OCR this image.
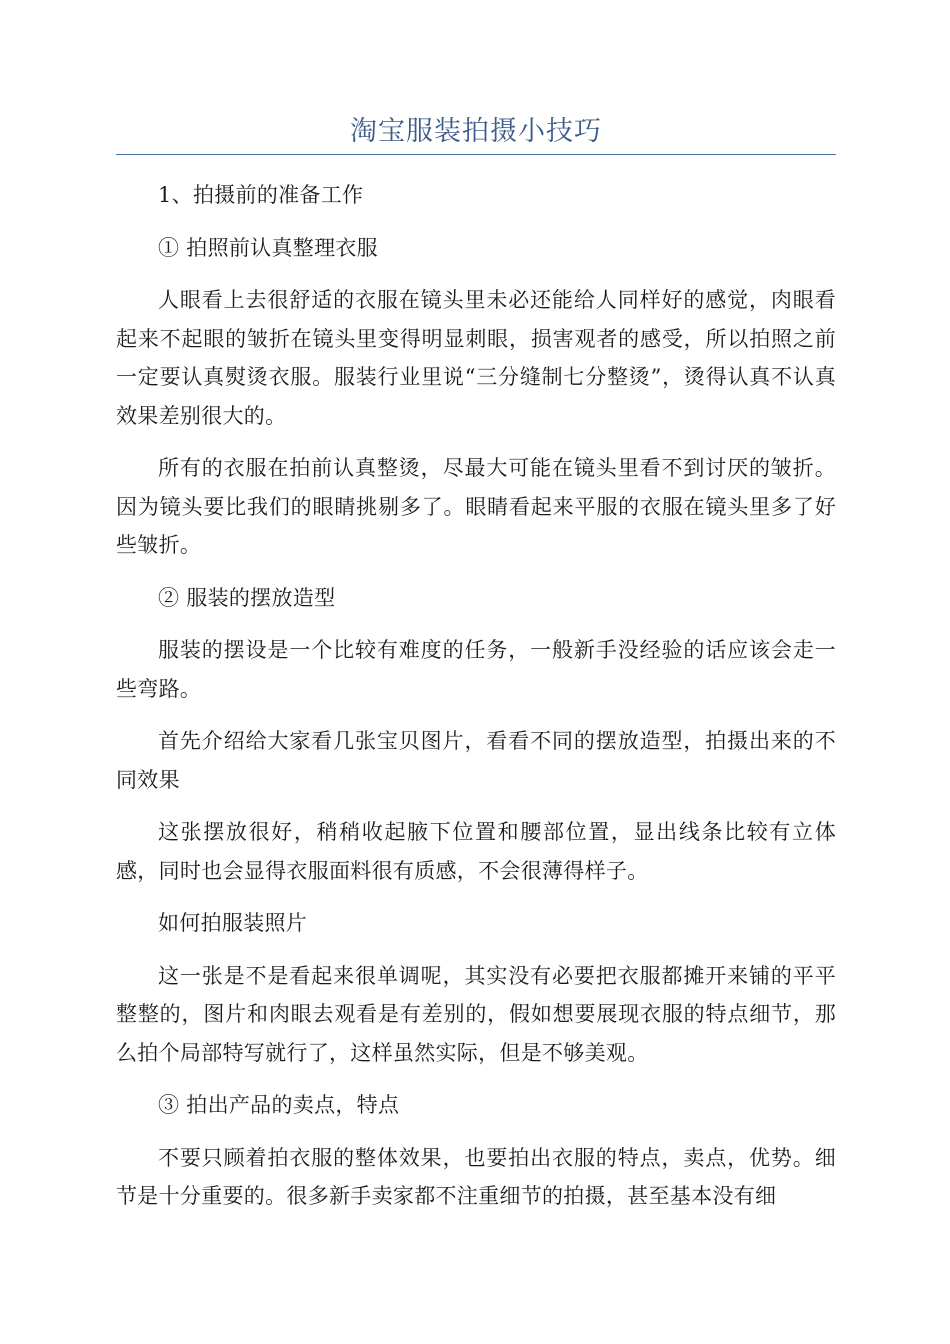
淘宝服装拍摄小技巧

1、拍摄前的准备工作

① 拍照前认真整理衣服

人眼看上去很舒适的衣服在镜头里未必还能给人同样好的感觉，肉眼看起来不起眼的皱折在镜头里变得明显刺眼，损害观者的感受，所以拍照之前一定要认真熨烫衣服。服装行业里说“三分缝制七分整烫”，烫得认真不认真效果差别很大的。

所有的衣服在拍前认真整烫，尽最大可能在镜头里看不到讨厌的皱折。因为镜头要比我们的眼睛挑剔多了。眼睛看起来平服的衣服在镜头里多了好些皱折。

② 服装的摆放造型

服装的摆设是一个比较有难度的任务，一般新手没经验的话应该会走一些弯路。

首先介绍给大家看几张宝贝图片，看看不同的摆放造型，拍摄出来的不同效果

这张摆放很好，稍稍收起腋下位置和腰部位置，显出线条比较有立体感，同时也会显得衣服面料很有质感，不会很薄得样子。

如何拍服装照片

这一张是不是看起来很单调呢，其实没有必要把衣服都摊开来铺的平平整整的，图片和肉眼去观看是有差别的，假如想要展现衣服的特点细节，那么拍个局部特写就行了，这样虽然实际，但是不够美观。

③ 拍出产品的卖点，特点

不要只顾着拍衣服的整体效果，也要拍出衣服的特点，卖点，优势。细节是十分重要的。很多新手卖家都不注重细节的拍摄，甚至基本没有细
